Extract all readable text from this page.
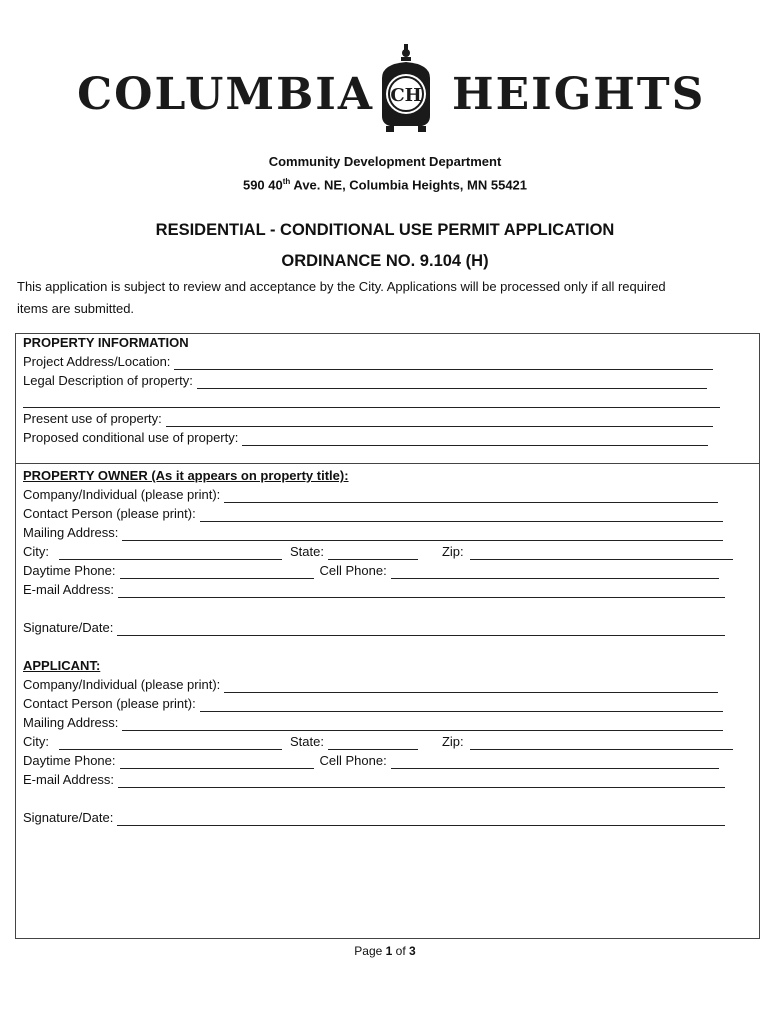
COLUMBIA CH HEIGHTS
Community Development Department
590 40th Ave. NE, Columbia Heights, MN 55421
RESIDENTIAL - CONDITIONAL USE PERMIT APPLICATION
ORDINANCE NO. 9.104 (H)
This application is subject to review and acceptance by the City. Applications will be processed only if all required items are submitted.
PROPERTY INFORMATION
Project Address/Location:
Legal Description of property:
Present use of property:
Proposed conditional use of property:
PROPERTY OWNER (As it appears on property title):
Company/Individual (please print):
Contact Person (please print):
Mailing Address:
City:	State:	Zip:
Daytime Phone:	Cell Phone:
E-mail Address:
Signature/Date:
APPLICANT:
Company/Individual (please print):
Contact Person (please print):
Mailing Address:
City:	State:	Zip:
Daytime Phone:	Cell Phone:
E-mail Address:
Signature/Date:
Page 1 of 3
